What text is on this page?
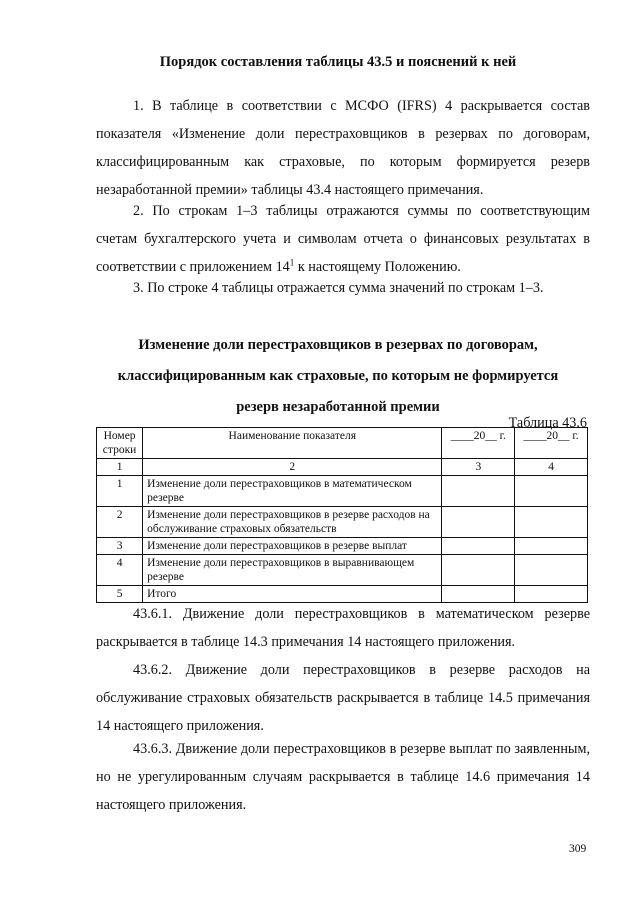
Порядок составления таблицы 43.5 и пояснений к ней

1. В таблице в соответствии с МСФО (IFRS) 4 раскрывается состав показателя «Изменение доли перестраховщиков в резервах по договорам, классифицированным как страховые, по которым формируется резерв незаработанной премии» таблицы 43.4 настоящего примечания.

2. По строкам 1–3 таблицы отражаются суммы по соответствующим счетам бухгалтерского учета и символам отчета о финансовых результатах в соответствии с приложением $14^1$ к настоящему Положению.

3. По строке 4 таблицы отражается сумма значений по строкам 1–3.

Изменение доли перестраховщиков в резервах по договорам,
классифицированным как страховые, по которым не формируется
резерв незаработанной премии
Таблица 43.6
Номер строки	Наименование показателя	____20__ г.	____20__ г.
1	2	3	4
1	Изменение доли перестраховщиков в математическом резерве		
2	Изменение доли перестраховщиков в резерве расходов на обслуживание страховых обязательств		
3	Изменение доли перестраховщиков в резерве выплат		
4	Изменение доли перестраховщиков в выравнивающем резерве		
5	Итого		

43.6.1. Движение доли перестраховщиков в математическом резерве раскрывается в таблице 14.3 примечания 14 настоящего приложения.

43.6.2. Движение доли перестраховщиков в резерве расходов на обслуживание страховых обязательств раскрывается в таблице 14.5 примечания 14 настоящего приложения.

43.6.3. Движение доли перестраховщиков в резерве выплат по заявленным, но не урегулированным случаям раскрывается в таблице 14.6 примечания 14 настоящего приложения.

309
